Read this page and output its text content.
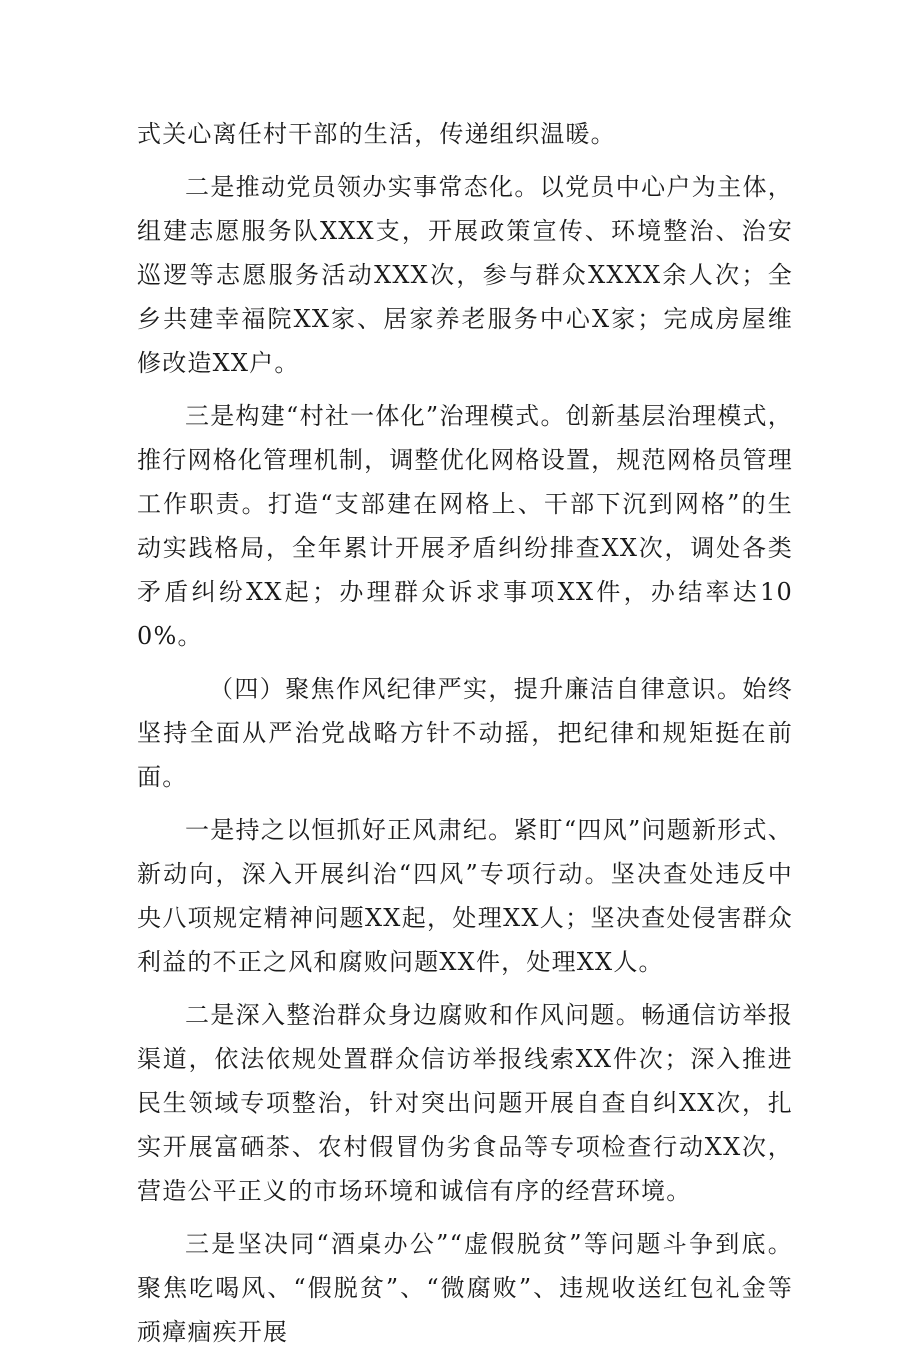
式关心离任村干部的生活，传递组织温暖。

二是推动党员领办实事常态化。以党员中心户为主体，组建志愿服务队XXX支，开展政策宣传、环境整治、治安巡逻等志愿服务活动XXX次，参与群众XXXX余人次；全乡共建幸福院XX家、居家养老服务中心X家；完成房屋维修改造XX户。

三是构建“村社一体化”治理模式。创新基层治理模式，推行网格化管理机制，调整优化网格设置，规范网格员管理工作职责。打造“支部建在网格上、干部下沉到网格”的生动实践格局，全年累计开展矛盾纠纷排查XX次，调处各类矛盾纠纷XX起；办理群众诉求事项XX件，办结率达100%。

（四）聚焦作风纪律严实，提升廉洁自律意识。始终坚持全面从严治党战略方针不动摇，把纪律和规矩挺在前面。

一是持之以恒抓好正风肃纪。紧盯“四风”问题新形式、新动向，深入开展纠治“四风”专项行动。坚决查处违反中央八项规定精神问题XX起，处理XX人；坚决查处侵害群众利益的不正之风和腐败问题XX件，处理XX人。

二是深入整治群众身边腐败和作风问题。畅通信访举报渠道，依法依规处置群众信访举报线索XX件次；深入推进民生领域专项整治，针对突出问题开展自查自纠XX次，扎实开展富硒茶、农村假冒伪劣食品等专项检查行动XX次，营造公平正义的市场环境和诚信有序的经营环境。

三是坚决同“酒桌办公”“虚假脱贫”等问题斗争到底。聚焦吃喝风、“假脱贫”、“微腐败”、违规收送红包礼金等顽瘴痼疾开展
